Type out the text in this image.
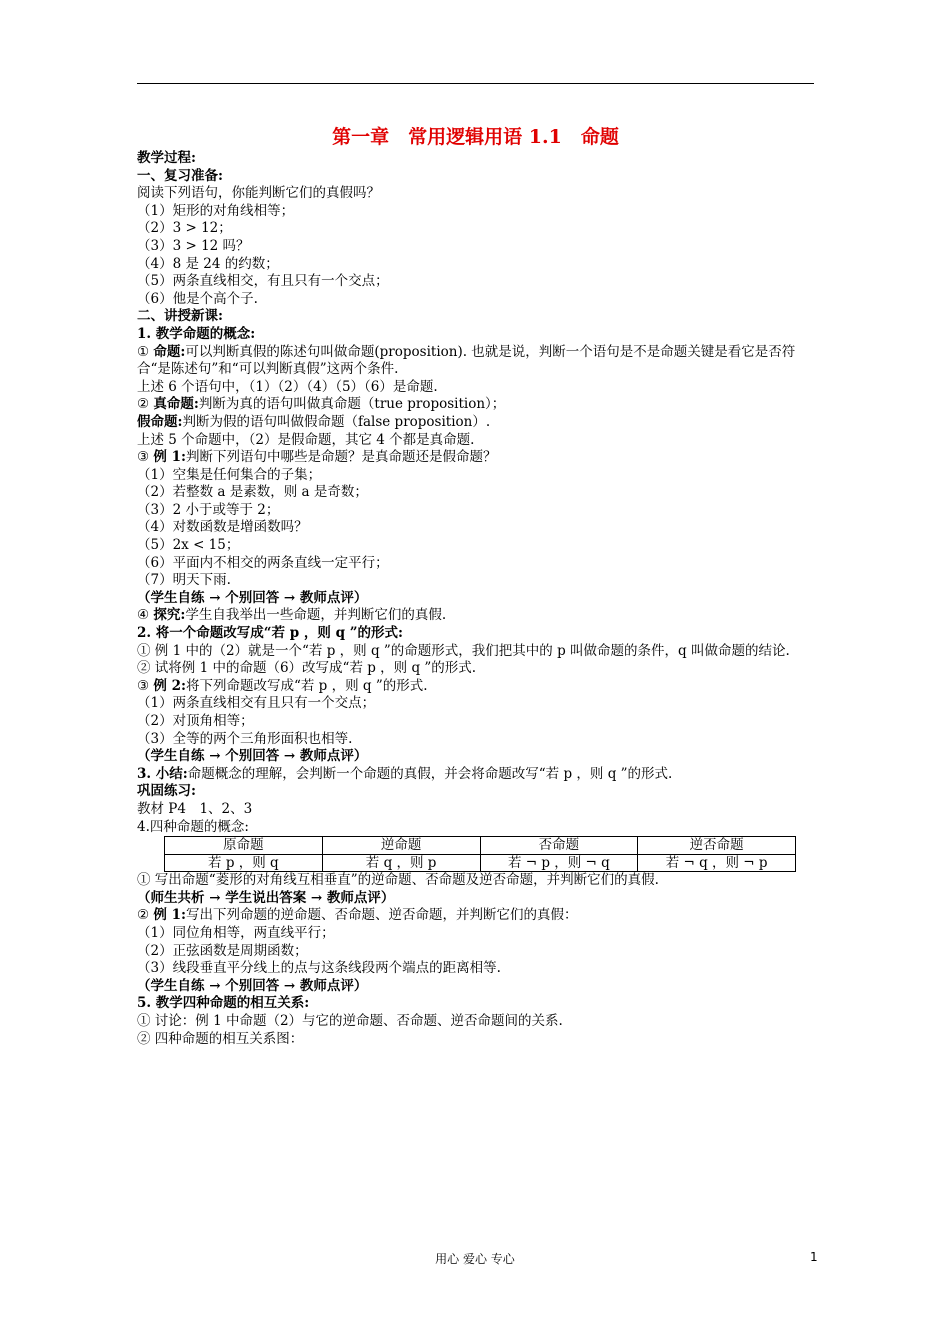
第一章　常用逻辑用语 1.1　命题
教学过程:
一、复习准备:
阅读下列语句，你能判断它们的真假吗？
（1）矩形的对角线相等；
（2）3 > 12；
（3）3 > 12 吗？
（4）8 是 24 的约数；
（5）两条直线相交，有且只有一个交点；
（6）他是个高个子.
二、讲授新课:
1. 教学命题的概念:
① 命题:可以判断真假的陈述句叫做命题(proposition). 也就是说，判断一个语句是不是命题关键是看它是否符合“是陈述句”和“可以判断真假”这两个条件.
上述 6 个语句中，（1）（2）（4）（5）（6）是命题.
② 真命题:判断为真的语句叫做真命题（true proposition）；
假命题:判断为假的语句叫做假命题（false proposition）.
上述 5 个命题中，（2）是假命题，其它 4 个都是真命题.
③ 例 1:判断下列语句中哪些是命题？是真命题还是假命题？
（1）空集是任何集合的子集；
（2）若整数 a 是素数，则 a 是奇数；
（3）2 小于或等于 2；
（4）对数函数是增函数吗？
（5）2x < 15；
（6）平面内不相交的两条直线一定平行；
（7）明天下雨.
（学生自练 → 个别回答 → 教师点评）
④ 探究:学生自我举出一些命题，并判断它们的真假.
2. 将一个命题改写成“若 p ，则 q ”的形式:
① 例 1 中的（2）就是一个“若 p ，则 q ”的命题形式，我们把其中的 p 叫做命题的条件，q 叫做命题的结论.
② 试将例 1 中的命题（6）改写成“若 p ，则 q ”的形式.
③ 例 2:将下列命题改写成“若 p ，则 q ”的形式.
（1）两条直线相交有且只有一个交点；
（2）对顶角相等；
（3）全等的两个三角形面积也相等.
（学生自练 → 个别回答 → 教师点评）
3. 小结:命题概念的理解，会判断一个命题的真假，并会将命题改写“若 p ，则 q ”的形式.
巩固练习:
教材 P4　1、2、3
4.四种命题的概念:
原命题	逆命题	否命题	逆否命题
若 p ，则 q	若 q ，则 p	若 ¬ p ，则 ¬ q	若 ¬ q ，则 ¬ p
① 写出命题“菱形的对角线互相垂直”的逆命题、否命题及逆否命题，并判断它们的真假.
（师生共析 → 学生说出答案 → 教师点评）
② 例 1:写出下列命题的逆命题、否命题、逆否命题，并判断它们的真假：
（1）同位角相等，两直线平行；
（2）正弦函数是周期函数；
（3）线段垂直平分线上的点与这条线段两个端点的距离相等.
（学生自练 → 个别回答 → 教师点评）
5. 教学四种命题的相互关系:
① 讨论：例 1 中命题（2）与它的逆命题、否命题、逆否命题间的关系.
② 四种命题的相互关系图：
用心 爱心 专心	1
